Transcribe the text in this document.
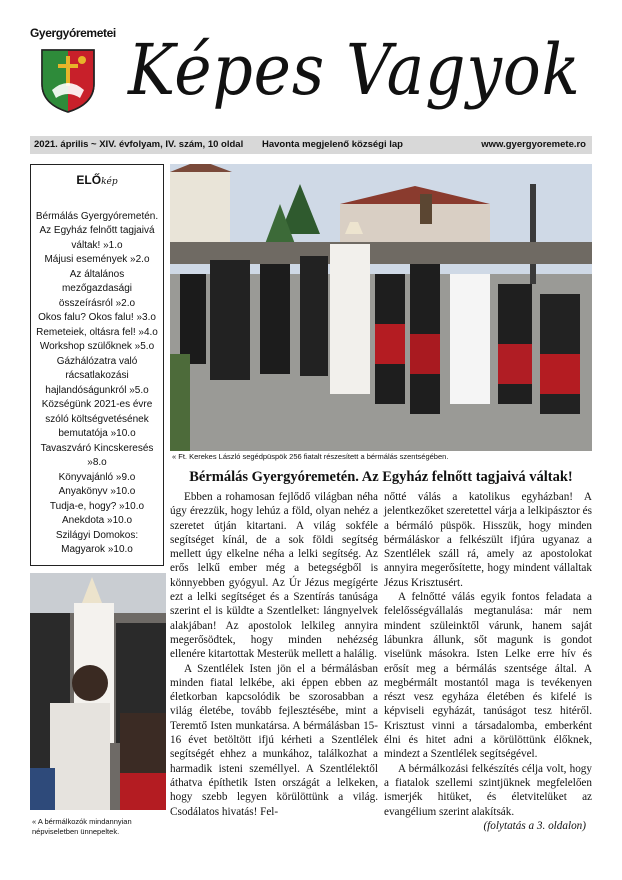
Gyergyóremetei Képes Vagyok
2021. április ~ XIV. évfolyam, IV. szám, 10 oldal Havonta megjelenő községi lap	www.gyergyoremete.ro
ELŐkép
Bérmálás Gyergyóremetén. Az Egyház felnőtt tagjaivá váltak! »1.o
Májusi események »2.o
Az általános mezőgazdasági összeírásról »2.o
Okos falu? Okos falu! »3.o
Remeteiek, oltásra fel! »4.o
Workshop szülőknek »5.o
Gázhálózatra való rácsatlakozási hajlandóságunkról »5.o
Községünk 2021-es évre szóló költségvetésének bemutatója »10.o
Tavaszváró Kincskeresés »8.o
Könyvajánló »9.o
Anyakönyv »10.o
Tudja-e, hogy? »10.o
Anekdota »10.o
Szilágyi Domokos: Magyarok »10.o
« Ft. Kerekes László segédpüspök 256 fiatalt részesített a bérmálás szentségében.
« A bérmálkozók mindannyian népviseletben ünnepeltek.
Bérmálás Gyergyóremetén. Az Egyház felnőtt tagjaivá váltak!

Ebben a rohamosan fejlődő világban néha úgy érezzük, hogy lehúz a föld, olyan nehéz a szeretet útján kitartani. A világ sokféle segítséget kínál, de a sok földi segítség mellett úgy elkelne néha a lelki segítség. Az erős lelkű ember még a betegségből is könnyebben gyógyul. Az Úr Jézus megígérte ezt a lelki segítséget és a Szentírás tanúsága szerint el is küldte a Szentlelket: lángnyelvek alakjában! Az apostolok lelkileg annyira megerősödtek, hogy minden nehézség ellenére kitartottak Mesterük mellett a halálig.

A Szentlélek Isten jön el a bérmálásban minden fiatal lelkébe, aki éppen ebben az életkorban kapcsolódik be szorosabban a világ életébe, tovább fejlesztésébe, mint a Teremtő Isten munkatársa. A bérmálásban 15-16 évet betöltött ifjú kérheti a Szentlélek segítségét ehhez a munkához, találkozhat a harmadik isteni személlyel. A Szentlélektől áthatva építhetik Isten országát a lelkeken, hogy szebb legyen körülöttünk a világ. Csodálatos hivatás! Fel-

nőtté válás a katolikus egyházban! A jelentkezőket szeretettel várja a lelkipásztor és a bérmáló püspök. Hisszük, hogy minden bérmáláskor a felkészült ifjúra ugyanaz a Szentlélek száll rá, amely az apostolokat annyira megerősítette, hogy mindent vállaltak Jézus Krisztusért.

A felnőtté válás egyik fontos feladata a felelősségvállalás megtanulása: már nem mindent szüleinktől várunk, hanem saját lábunkra állunk, sőt magunk is gondot viselünk másokra. Isten Lelke erre hív és erősít meg a bérmálás szentsége által. A megbérmált mostantól maga is tevékenyen részt vesz egyháza életében és kifelé is képviseli egyházát, tanúságot tesz hitéről. Krisztust vinni a társadalomba, emberként élni és hitet adni a körülöttünk élőknek, mindezt a Szentlélek segítségével.

A bérmálkozási felkészítés célja volt, hogy a fiatalok szellemi szintjüknek megfelelően ismerjék hitüket, és életvitelüket az evangélium szerint alakítsák.

(folytatás a 3. oldalon)
